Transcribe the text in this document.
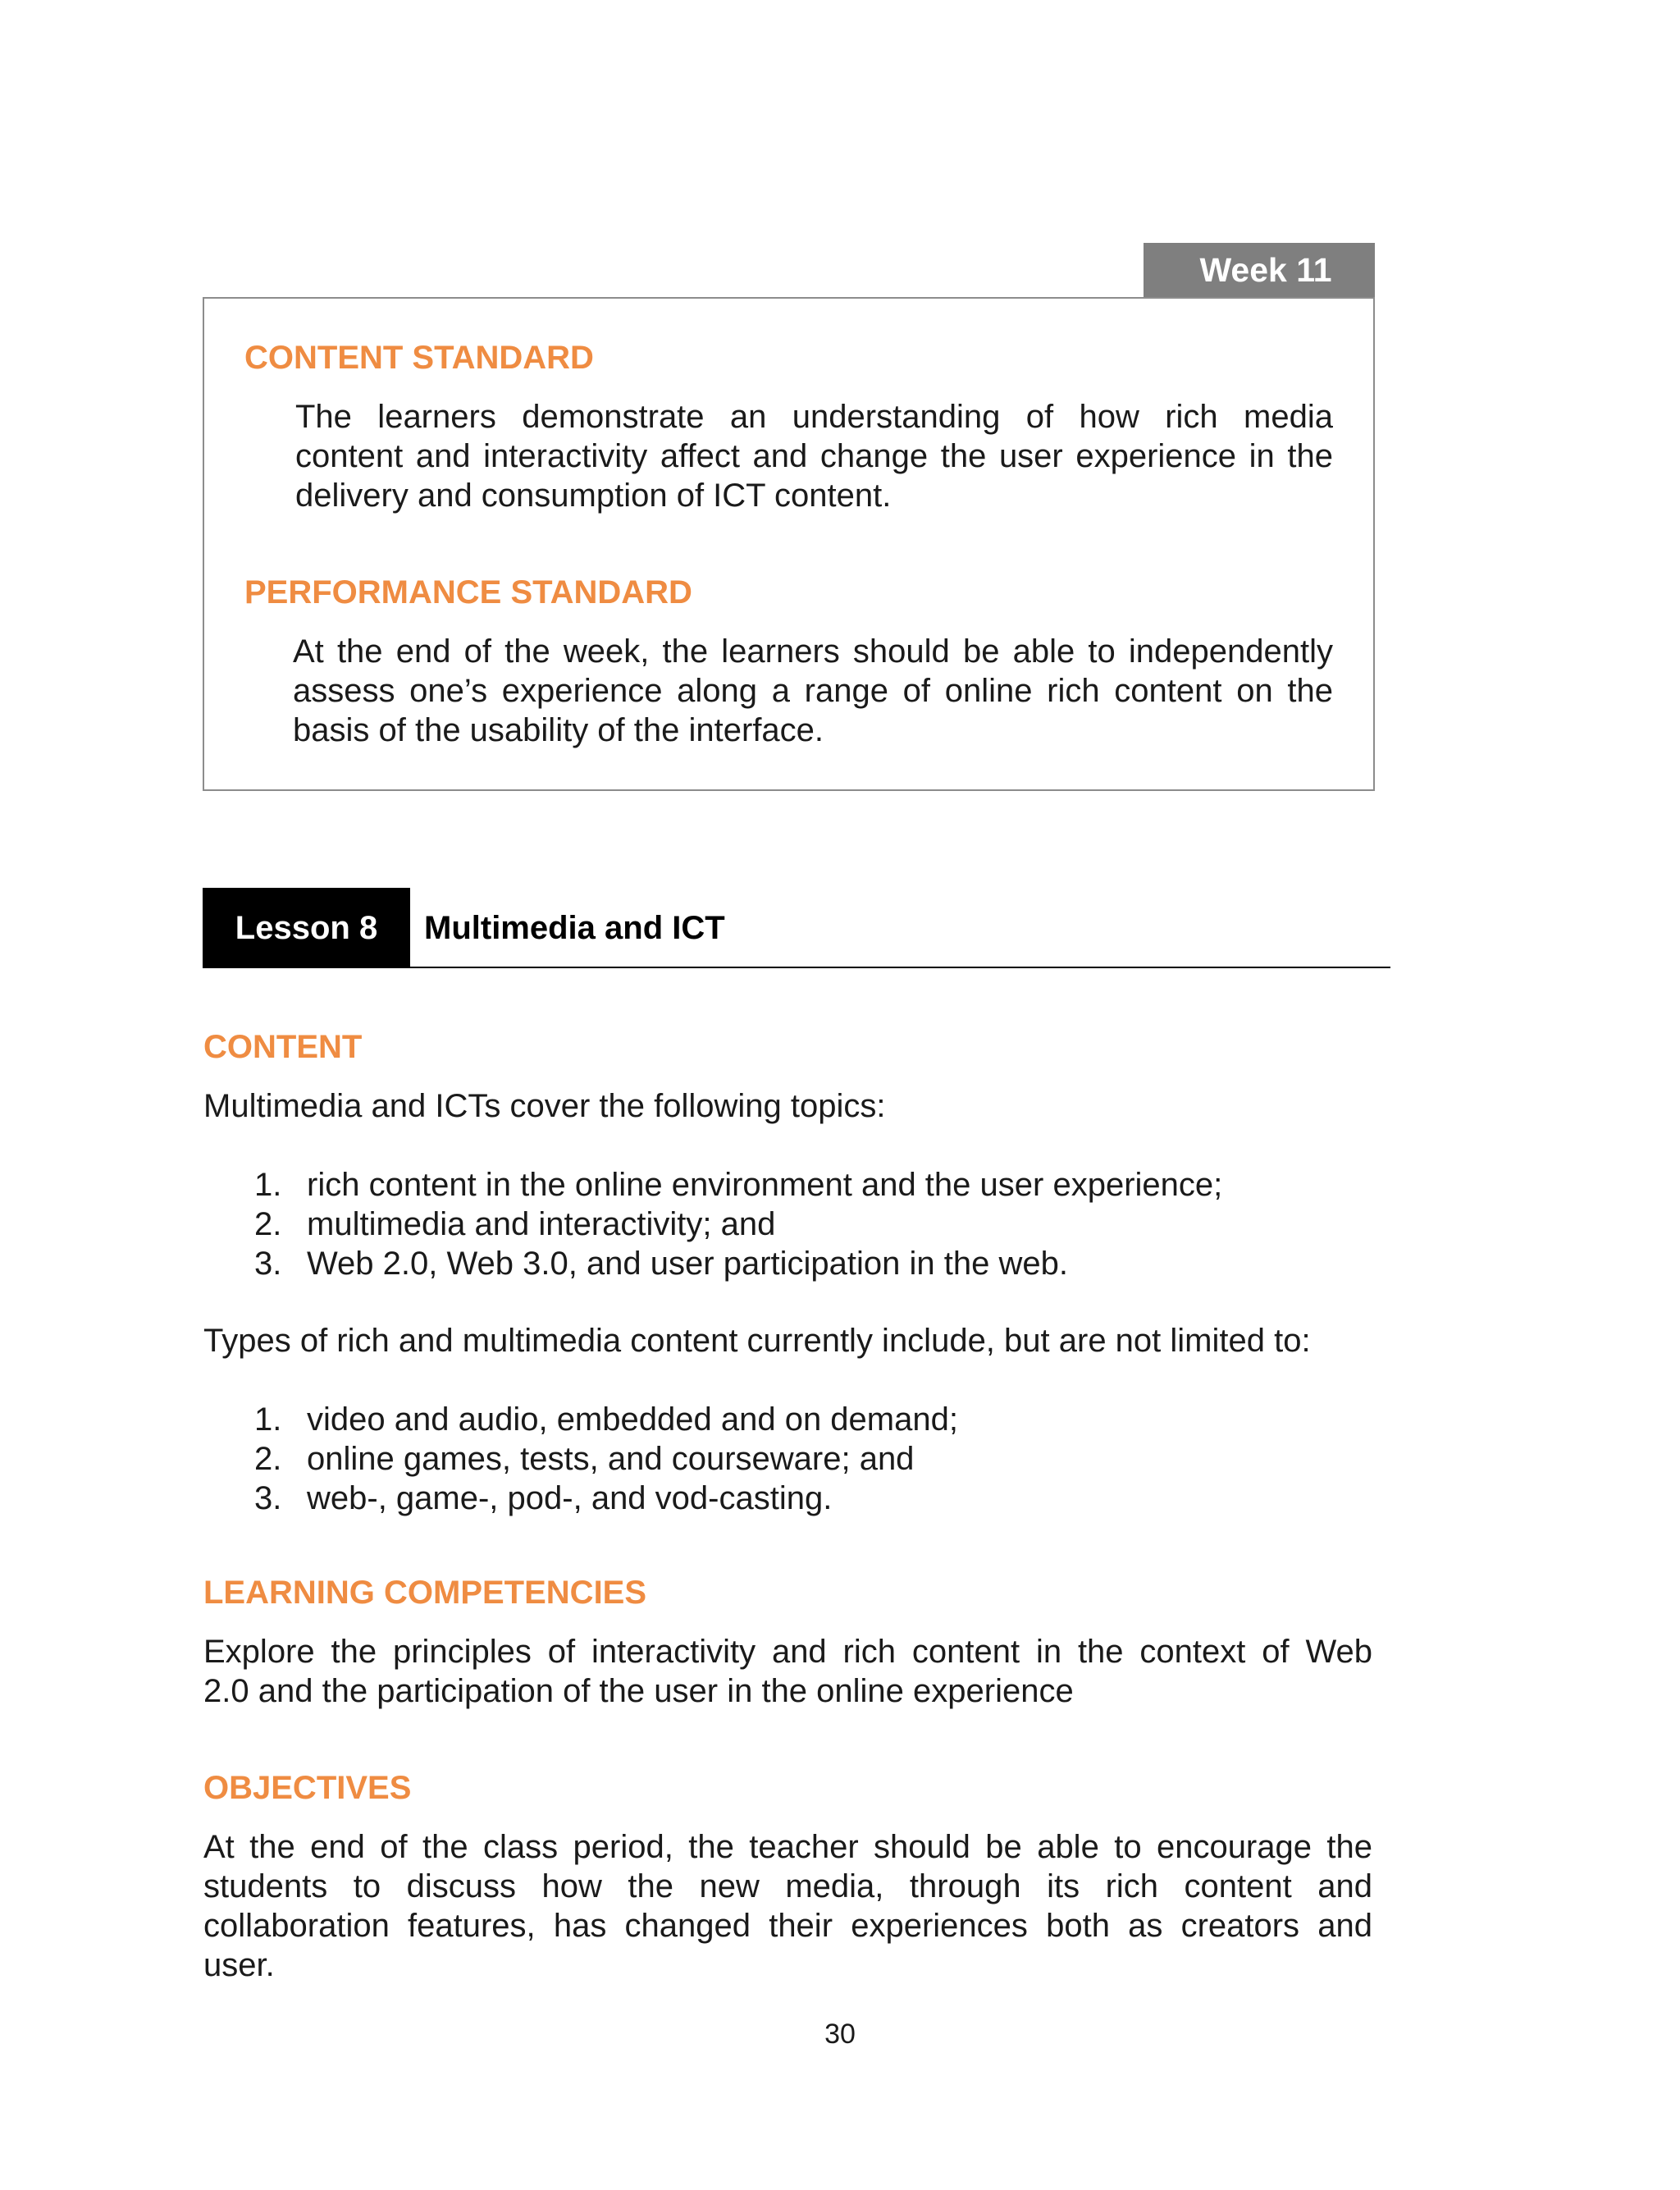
Week 11
CONTENT STANDARD
The learners demonstrate an understanding of how rich media
content and interactivity affect and change the user experience in the
delivery and consumption of ICT content.
PERFORMANCE STANDARD
At the end of the week, the learners should be able to independently
assess one’s experience along a range of online rich content on the
basis of the usability of the interface.
Lesson 8	Multimedia and ICT
CONTENT

Multimedia and ICTs cover the following topics:

1. rich content in the online environment and the user experience;
2. multimedia and interactivity; and
3. Web 2.0, Web 3.0, and user participation in the web.

Types of rich and multimedia content currently include, but are not limited to:

1. video and audio, embedded and on demand;
2. online games, tests, and courseware; and
3. web-, game-, pod-, and vod-casting.
LEARNING COMPETENCIES
Explore the principles of interactivity and rich content in the context of Web
2.0 and the participation of the user in the online experience
OBJECTIVES
At the end of the class period, the teacher should be able to encourage the
students to discuss how the new media, through its rich content and
collaboration features, has changed their experiences both as creators and
user.
30
